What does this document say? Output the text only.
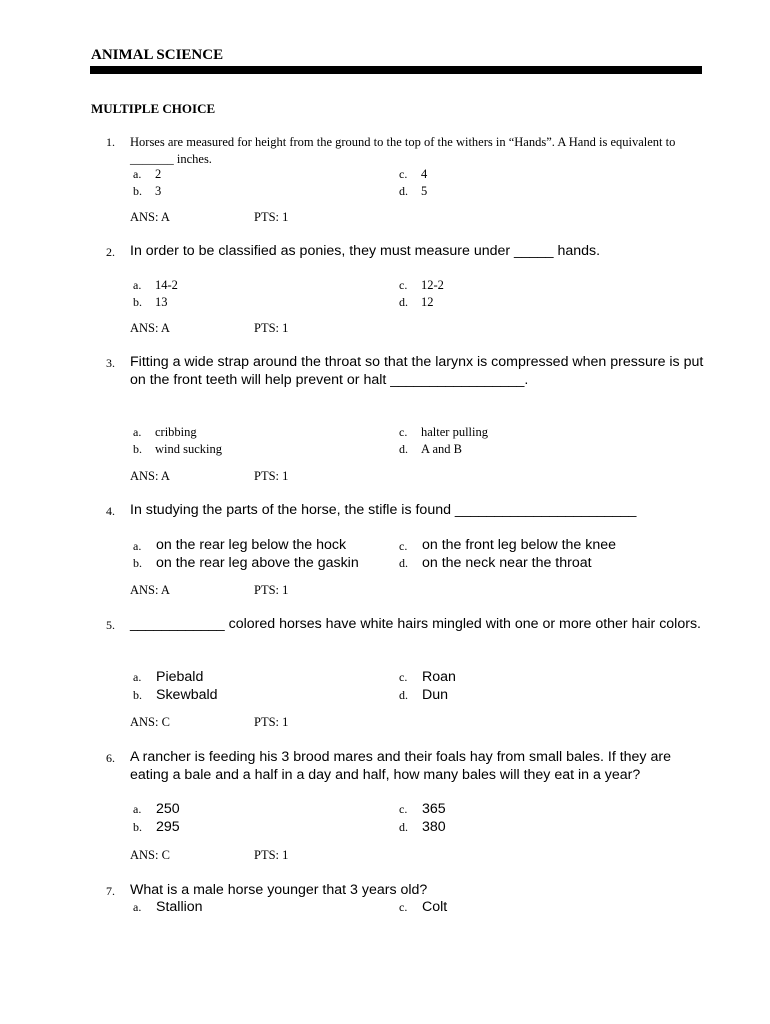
ANIMAL SCIENCE
MULTIPLE CHOICE
1.	Horses are measured for height from the ground to the top of the withers in “Hands”. A Hand is equivalent to _______ inches.
a.	2
b.	3
c.	4
d.	5
ANS: A	PTS: 1
2.	In order to be classified as ponies, they must measure under _____ hands.
a.	14-2
b.	13
c.	12-2
d.	12
ANS: A	PTS: 1
3.	Fitting a wide strap around the throat so that the larynx is compressed when pressure is put on the front teeth will help prevent or halt _________________.
a.	cribbing
b.	wind sucking
c.	halter pulling
d.	A and B
ANS: A	PTS: 1
4.	In studying the parts of the horse, the stifle is found _______________________
a.	on the rear leg below the hock
b. on the rear leg above the gaskin
c.	on the front leg below the knee
d. on the neck near the throat
ANS: A	PTS: 1
5.	____________ colored horses have white hairs mingled with one or more other hair colors.
a.	Piebald
b. Skewbald
c.	Roan
d. Dun
ANS: C	PTS: 1
6.	A rancher is feeding his 3 brood mares and their foals hay from small bales. If they are eating a bale and a half in a day and half, how many bales will they eat in a year?
a.	250
b. 295
c.	365
d. 380
ANS: C	PTS: 1
7.	What is a male horse younger that 3 years old?
a.	Stallion	c.	Colt
